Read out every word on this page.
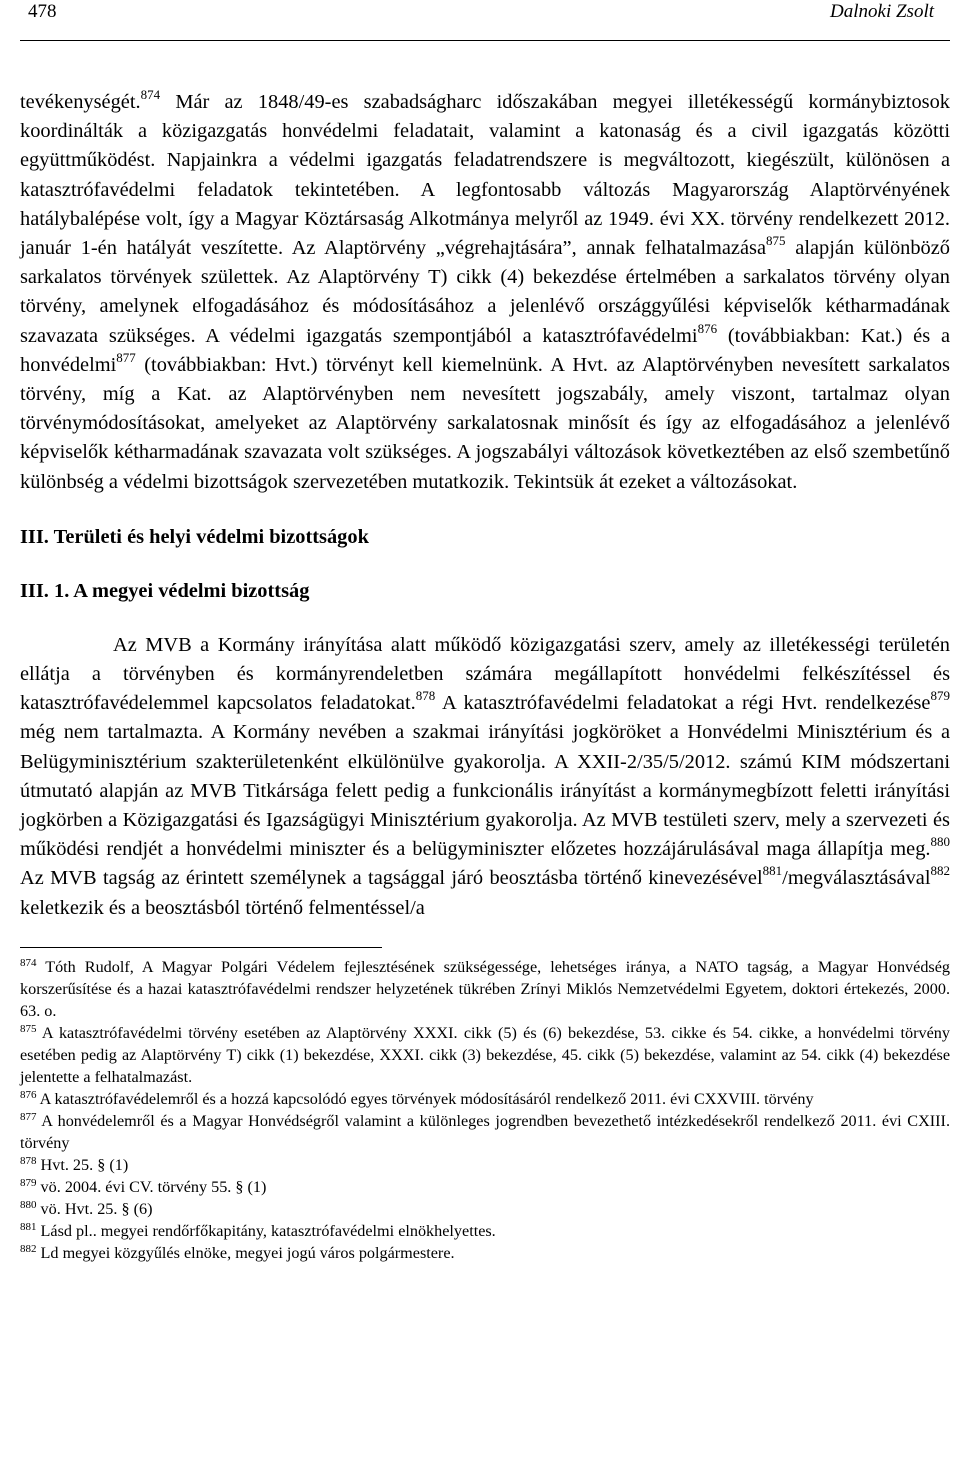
478	Dalnoki Zsolt

tevékenységét.$^{874}$ Már az 1848/49-es szabadságharc időszakában megyei illetékességű kormánybiztosok koordinálták a közigazgatás honvédelmi feladatait, valamint a katonaság és a civil igazgatás közötti együttműködést. Napjainkra a védelmi igazgatás feladatrendszere is megváltozott, kiegészült, különösen a katasztrófavédelmi feladatok tekintetében. A legfontosabb változás Magyarország Alaptörvényének hatálybalépése volt, így a Magyar Köztársaság Alkotmánya melyről az 1949. évi XX. törvény rendelkezett 2012. január 1-én hatályát veszítette. Az Alaptörvény „végrehajtására”, annak felhatalmazása$^{875}$ alapján különböző sarkalatos törvények születtek. Az Alaptörvény T) cikk (4) bekezdése értelmében a sarkalatos törvény olyan törvény, amelynek elfogadásához és módosításához a jelenlévő országgyűlési képviselők kétharmadának szavazata szükséges. A védelmi igazgatás szempontjából a katasztrófavédelmi$^{876}$ (továbbiakban: Kat.) és a honvédelmi$^{877}$ (továbbiakban: Hvt.) törvényt kell kiemelnünk. A Hvt. az Alaptörvényben nevesített sarkalatos törvény, míg a Kat. az Alaptörvényben nem nevesített jogszabály, amely viszont, tartalmaz olyan törvénymódosításokat, amelyeket az Alaptörvény sarkalatosnak minősít és így az elfogadásához a jelenlévő képviselők kétharmadának szavazata volt szükséges. A jogszabályi változások következtében az első szembetűnő különbség a védelmi bizottságok szervezetében mutatkozik. Tekintsük át ezeket a változásokat.

III. Területi és helyi védelmi bizottságok
III. 1. A megyei védelmi bizottság

Az MVB a Kormány irányítása alatt működő közigazgatási szerv, amely az illetékességi területén ellátja a törvényben és kormányrendeletben számára megállapított honvédelmi felkészítéssel és katasztrófavédelemmel kapcsolatos feladatokat.$^{878}$ A katasztrófavédelmi feladatokat a régi Hvt. rendelkezése$^{879}$ még nem tartalmazta. A Kormány nevében a szakmai irányítási jogköröket a Honvédelmi Minisztérium és a Belügyminisztérium szakterületenként elkülönülve gyakorolja. A XXII-2/35/5/2012. számú KIM módszertani útmutató alapján az MVB Titkársága felett pedig a funkcionális irányítást a kormánymegbízott feletti irányítási jogkörben a Közigazgatási és Igazságügyi Minisztérium gyakorolja. Az MVB testületi szerv, mely a szervezeti és működési rendjét a honvédelmi miniszter és a belügyminiszter előzetes hozzájárulásával maga állapítja meg.$^{880}$ Az MVB tagság az érintett személynek a tagsággal járó beosztásba történő kinevezésével$^{881}$/megválasztásával$^{882}$ keletkezik és a beosztásból történő felmentéssel/a

$^{874}$ Tóth Rudolf, A Magyar Polgári Védelem fejlesztésének szükségessége, lehetséges iránya, a NATO tagság, a Magyar Honvédség korszerűsítése és a hazai katasztrófavédelmi rendszer helyzetének tükrében Zrínyi Miklós Nemzetvédelmi Egyetem, doktori értekezés, 2000. 63. o.

$^{875}$ A katasztrófavédelmi törvény esetében az Alaptörvény XXXI. cikk (5) és (6) bekezdése, 53. cikke és 54. cikke, a honvédelmi törvény esetében pedig az Alaptörvény T) cikk (1) bekezdése, XXXI. cikk (3) bekezdése, 45. cikk (5) bekezdése, valamint az 54. cikk (4) bekezdése jelentette a felhatalmazást.

$^{876}$ A katasztrófavédelemről és a hozzá kapcsolódó egyes törvények módosításáról rendelkező 2011. évi CXXVIII. törvény

$^{877}$ A honvédelemről és a Magyar Honvédségről valamint a különleges jogrendben bevezethető intézkedésekről rendelkező 2011. évi CXIII. törvény

$^{878}$ Hvt. 25. § (1)

$^{879}$ vö. 2004. évi CV. törvény 55. § (1)

$^{880}$ vö. Hvt. 25. § (6)

$^{881}$ Lásd pl.. megyei rendőrfőkapitány, katasztrófavédelmi elnökhelyettes.

$^{882}$ Ld megyei közgyűlés elnöke, megyei jogú város polgármestere.
